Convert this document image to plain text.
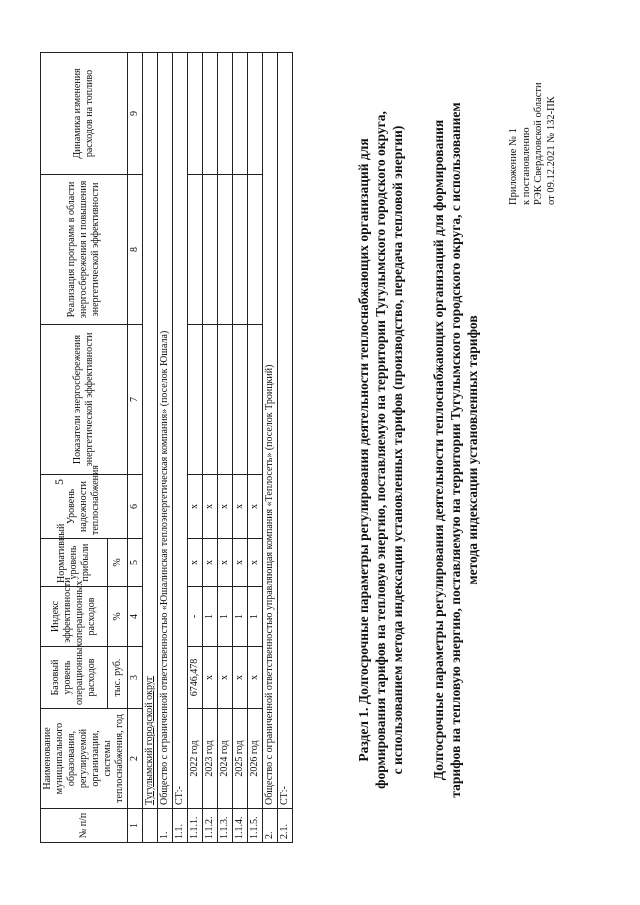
5
Приложение № 1 к постановлению РЭК Свердловской области от 09.12.2021 № 132-ПК
Долгосрочные параметры регулирования деятельности теплоснабжающих организаций для формирования тарифов на тепловую энергию, поставляемую на территории Тугулымского городского округа, с использованием метода индексации установленных тарифов
Раздел 1. Долгосрочные параметры регулирования деятельности теплоснабжающих организаций для формирования тарифов на тепловую энергию, поставляемую на территории Тугулымского городского округа, с использованием метода индексации установленных тарифов (производство, передача тепловой энергии)
№ п/п	Наименование муниципального образования, регулируемой организации, системы теплоснабжения, год	Базовый уровень операционных расходов	Индекс эффективности операционных расходов	Нормативный уровень прибыли	Уровень надежности теплоснабжения	Показатели энергосбережения энергетической эффективности	Реализация программ в области энергосбережения и повышения энергетической эффективности	Динамика изменения расходов на топливо
		тыс. руб.	%	%				
1	2	3	4	5	6	7	8	9
	Тугулымский городской округ							
1.	Общество с ограниченной ответственностью «Юшалинская теплоэнергетическая компания» (поселок Юшала)							
1.1.	СТ:-							
1.1.1.	2022 год	6746,478	-	x	x			
1.1.2.	2023 год	x	1	x	x			
1.1.3.	2024 год	x	1	x	x			
1.1.4.	2025 год	x	1	x	x			
1.1.5.	2026 год	x	1	x	x			
2.	Общество с ограниченной ответственностью управляющая компания «Теплосеть» (поселок Троицкий)							
2.1.	СТ:-							
